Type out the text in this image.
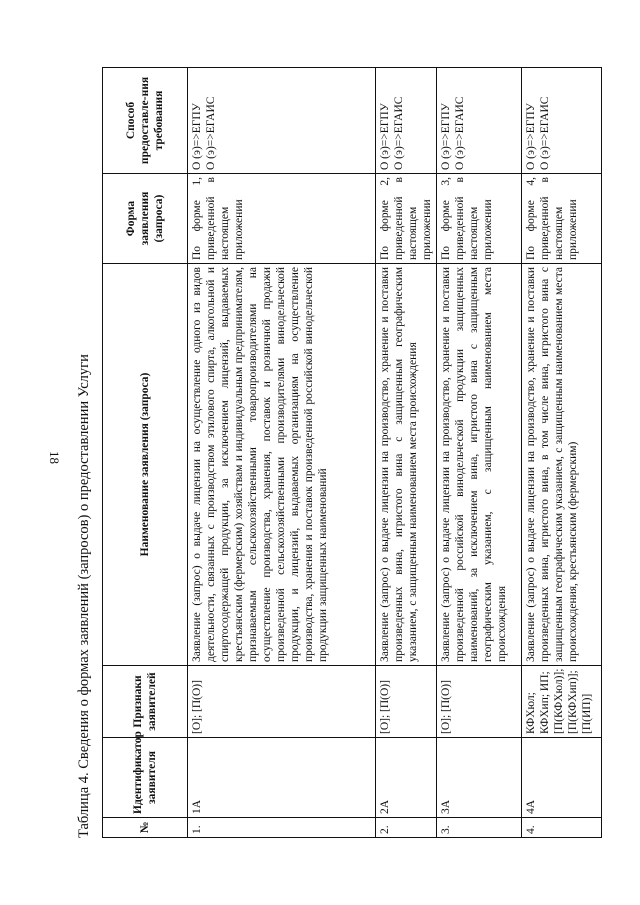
18 Таблица 4. Сведения о формах заявлений (запросов) о предоставлении Услуги	№	Идентификатор заявителя	Признаки заявителей	Наименование заявления (запроса)	Форма заявления (запроса)	Способ предоставле-ния требования
1.	1А	[О]; [П(О)]	Заявление (запрос) о выдаче лицензии на осуществление одного из видов деятельности, связанных с производством этилового спирта, алкогольной и спиртосодержащей продукции, за исключением лицензий, выдаваемых крестьянским (фермерским) хозяйствам и индивидуальным предпринимателям, признаваемым сельскохозяйственными товаропроизводителями на осуществление производства, хранения, поставок и розничной продажи произведенной сельскохозяйственными производителями винодельческой продукции, и лицензий, выдаваемых организациям на осуществление производства, хранения и поставок произведенной российской винодельческой продукции защищенных наименований	По форме 1, приведенной в настоящем приложении	О (э)=>ЕГПУ О (э)=>ЕГАИС

2.	2А	[О]; [П(О)]	Заявление (запрос) о выдаче лицензии на производство, хранение и поставки произведенных вина, игристого вина с защищенным географическим указанием, с защищенным наименованием места происхождения	По форме 2, приведенной в настоящем приложении	О (э)=>ЕГПУ О (э)=>ЕГАИС

3.	3А	[О]; [П(О)]	Заявление (запрос) о выдаче лицензии на производство, хранение и поставки произведенной российской винодельческой продукции защищенных наименований, за исключением вина, игристого вина с защищенным географическим указанием, с защищенным наименованием места происхождения	По форме 3, приведенной в настоящем приложении	О (э)=>ЕГПУ О (э)=>ЕГАИС

4.	4А	КФХюл; КФХип; ИП; [П(КФХюл)]; [П(КФХип)]; [П(ИП)]	Заявление (запрос) о выдаче лицензии на производство, хранение и поставки произведенных вина, игристого вина, в том числе вина, игристого вина с защищенным географическим указанием, с защищенным наименованием места происхождения, крестьянским (фермерским)	По форме 4, приведенной в настоящем приложении	О (э)=>ЕГПУ О (э)=>ЕГАИС
